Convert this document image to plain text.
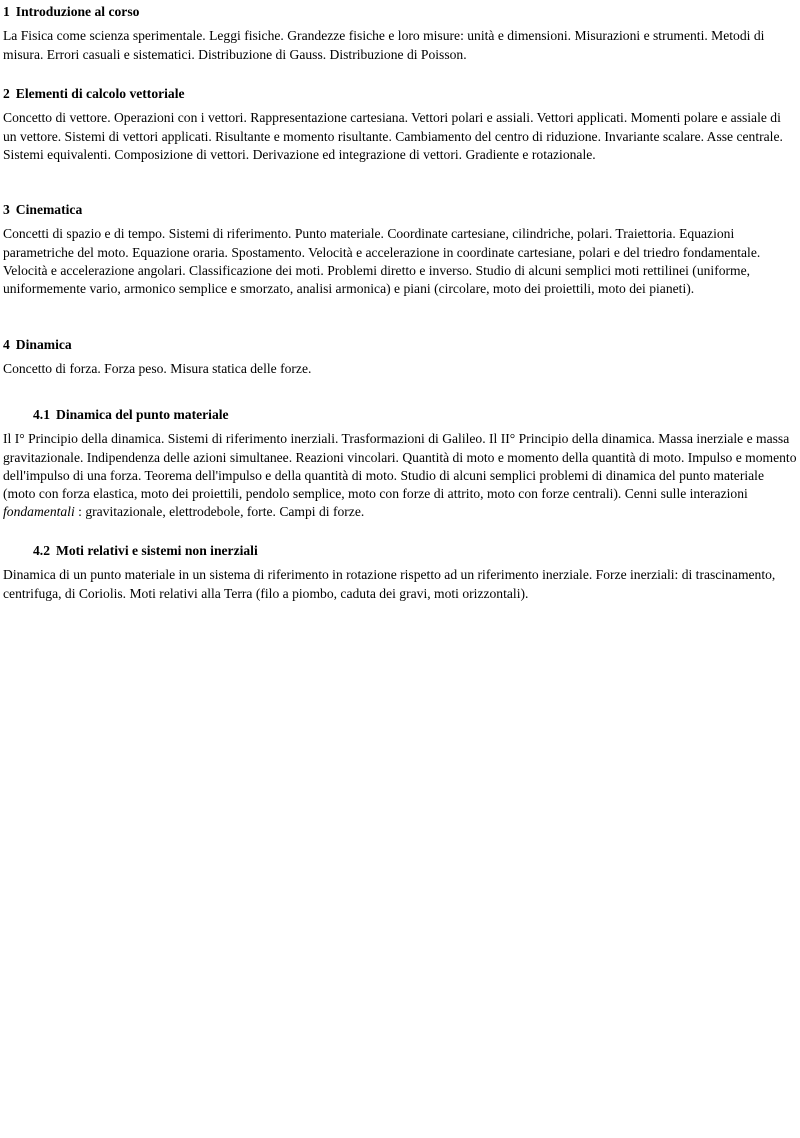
1 Introduzione al corso

La Fisica come scienza sperimentale. Leggi fisiche. Grandezze fisiche e loro misure: unità e dimensioni. Misurazioni e strumenti. Metodi di misura. Errori casuali e sistematici. Distribuzione di Gauss. Distribuzione di Poisson.

2 Elementi di calcolo vettoriale

Concetto di vettore. Operazioni con i vettori. Rappresentazione cartesiana. Vettori polari e assiali. Vettori applicati. Momenti polare e assiale di un vettore. Sistemi di vettori applicati. Risultante e momento risultante. Cambiamento del centro di riduzione. Invariante scalare. Asse centrale. Sistemi equivalenti. Composizione di vettori. Derivazione ed integrazione di vettori. Gradiente e rotazionale.

3 Cinematica

Concetti di spazio e di tempo. Sistemi di riferimento. Punto materiale. Coordinate cartesiane, cilindriche, polari. Traiettoria. Equazioni parametriche del moto. Equazione oraria. Spostamento. Velocità e accelerazione in coordinate cartesiane, polari e del triedro fondamentale. Velocità e accelerazione angolari. Classificazione dei moti. Problemi diretto e inverso. Studio di alcuni semplici moti rettilinei (uniforme, uniformemente vario, armonico semplice e smorzato, analisi armonica) e piani (circolare, moto dei proiettili, moto dei pianeti).

4 Dinamica

Concetto di forza. Forza peso. Misura statica delle forze.

4.1 Dinamica del punto materiale

Il I° Principio della dinamica. Sistemi di riferimento inerziali. Trasformazioni di Galileo. Il II° Principio della dinamica. Massa inerziale e massa gravitazionale. Indipendenza delle azioni simultanee. Reazioni vincolari. Quantità di moto e momento della quantità di moto. Impulso e momento dell'impulso di una forza. Teorema dell'impulso e della quantità di moto. Studio di alcuni semplici problemi di dinamica del punto materiale (moto con forza elastica, moto dei proiettili, pendolo semplice, moto con forze di attrito, moto con forze centrali). Cenni sulle interazioni fondamentali : gravitazionale, elettrodebole, forte. Campi di forze.

4.2 Moti relativi e sistemi non inerziali

Dinamica di un punto materiale in un sistema di riferimento in rotazione rispetto ad un riferimento inerziale. Forze inerziali: di trascinamento, centrifuga, di Coriolis. Moti relativi alla Terra (filo a piombo, caduta dei gravi, moti orizzontali).
